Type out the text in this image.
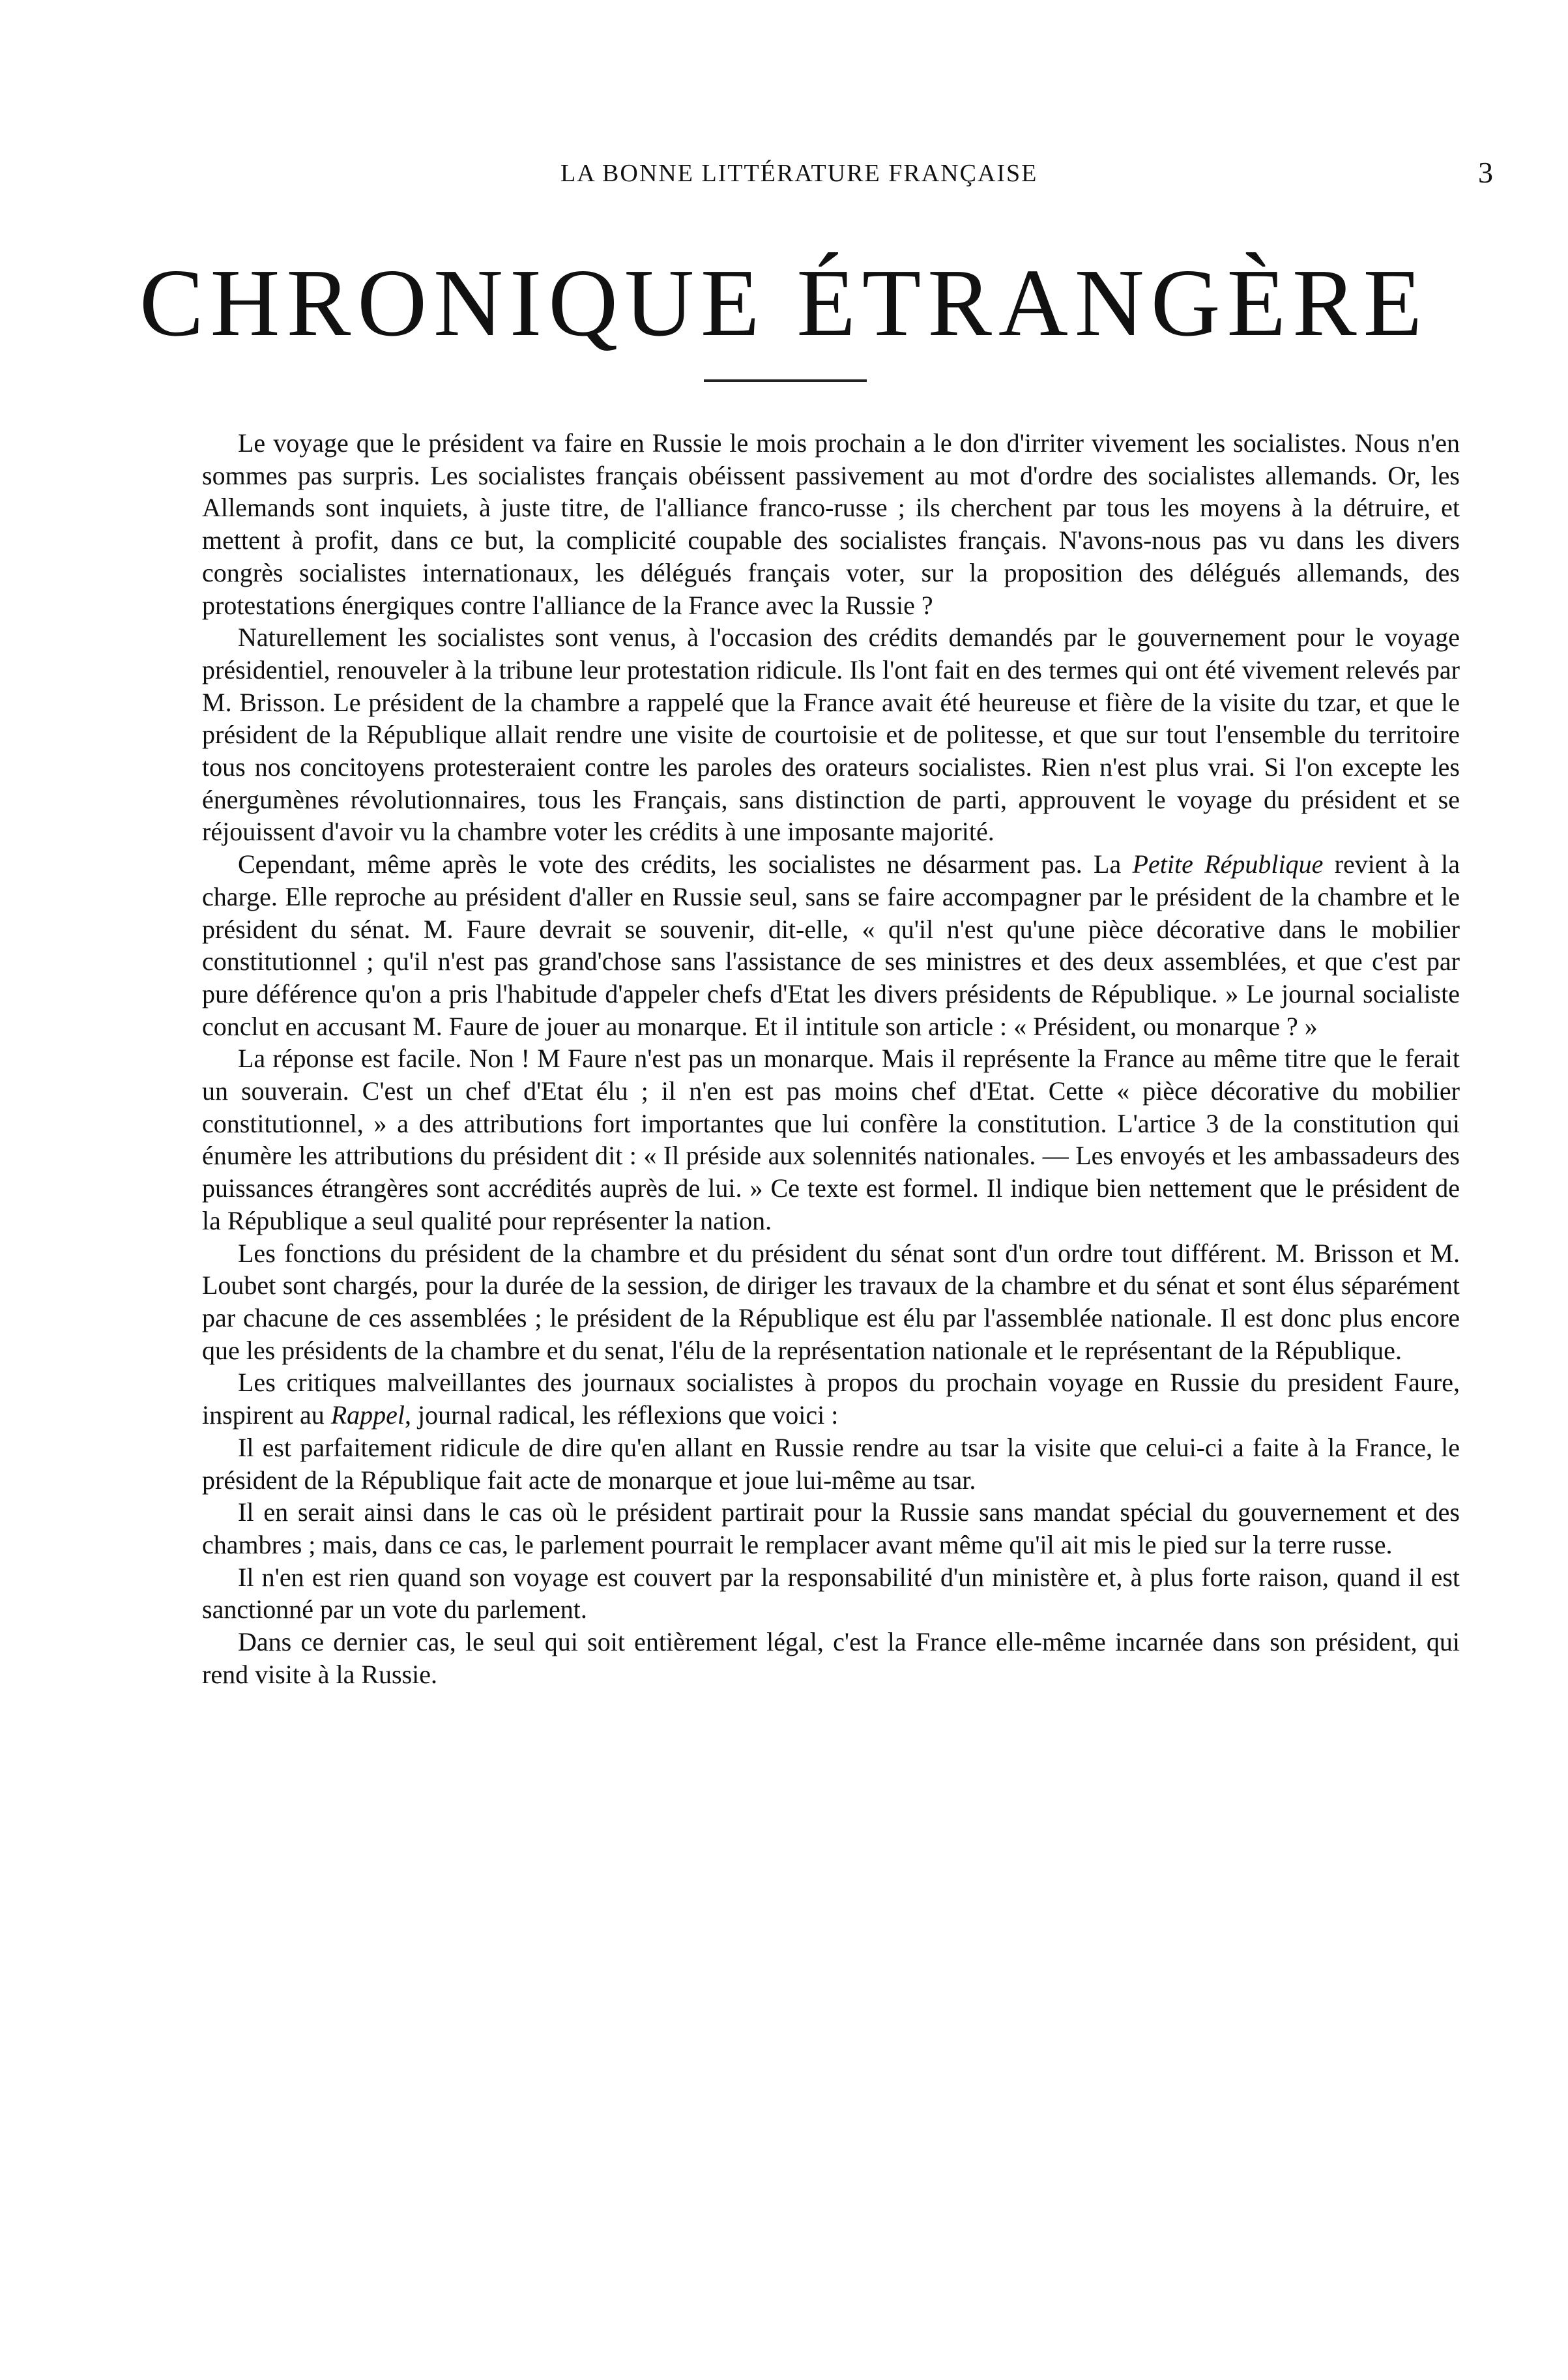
LA BONNE LITTÉRATURE FRANÇAISE	3
CHRONIQUE ÉTRANGÈRE

Le voyage que le président va faire en Russie le mois prochain a le don d'irriter vivement les socialistes. Nous n'en sommes pas surpris. Les socialistes français obéissent passivement au mot d'ordre des socialistes allemands. Or, les Allemands sont inquiets, à juste titre, de l'alliance franco-russe ; ils cherchent par tous les moyens à la détruire, et mettent à profit, dans ce but, la complicité coupable des socialistes français. N'avons-nous pas vu dans les divers congrès socialistes internationaux, les délégués français voter, sur la proposition des délégués allemands, des protestations énergiques contre l'alliance de la France avec la Russie ?

Naturellement les socialistes sont venus, à l'occasion des crédits demandés par le gouvernement pour le voyage présidentiel, renouveler à la tribune leur protestation ridicule. Ils l'ont fait en des termes qui ont été vivement relevés par M. Brisson. Le président de la chambre a rappelé que la France avait été heureuse et fière de la visite du tzar, et que le président de la République allait rendre une visite de courtoisie et de politesse, et que sur tout l'ensemble du territoire tous nos concitoyens protesteraient contre les paroles des orateurs socialistes. Rien n'est plus vrai. Si l'on excepte les énergumènes révolutionnaires, tous les Français, sans distinction de parti, approuvent le voyage du président et se réjouissent d'avoir vu la chambre voter les crédits à une imposante majorité.

Cependant, même après le vote des crédits, les socialistes ne désarment pas. La Petite République revient à la charge. Elle reproche au président d'aller en Russie seul, sans se faire accompagner par le président de la chambre et le président du sénat. M. Faure devrait se souvenir, dit-elle, « qu'il n'est qu'une pièce décorative dans le mobilier constitutionnel ; qu'il n'est pas grand'chose sans l'assistance de ses ministres et des deux assemblées, et que c'est par pure déférence qu'on a pris l'habitude d'appeler chefs d'Etat les divers présidents de République. » Le journal socialiste conclut en accusant M. Faure de jouer au monarque. Et il intitule son article : « Président, ou monarque ? »

La réponse est facile. Non ! M Faure n'est pas un monarque. Mais il représente la France au même titre que le ferait un souverain. C'est un chef d'Etat élu ; il n'en est pas moins chef d'Etat. Cette « pièce décorative du mobilier constitutionnel, » a des attributions fort importantes que lui confère la constitution. L'artice 3 de la constitution qui énumère les attributions du président dit : « Il préside aux solennités nationales. — Les envoyés et les ambassadeurs des puissances étrangères sont accrédités auprès de lui. » Ce texte est formel. Il indique bien nettement que le président de la République a seul qualité pour représenter la nation.

Les fonctions du président de la chambre et du président du sénat sont d'un ordre tout différent. M. Brisson et M. Loubet sont chargés, pour la durée de la session, de diriger les travaux de la chambre et du sénat et sont élus séparément par chacune de ces assemblées ; le président de la République est élu par l'assemblée nationale. Il est donc plus encore que les présidents de la chambre et du senat, l'élu de la représentation nationale et le représentant de la République.

Les critiques malveillantes des journaux socialistes à propos du prochain voyage en Russie du president Faure, inspirent au Rappel, journal radical, les réflexions que voici :

Il est parfaitement ridicule de dire qu'en allant en Russie rendre au tsar la visite que celui-ci a faite à la France, le président de la République fait acte de monarque et joue lui-même au tsar.

Il en serait ainsi dans le cas où le président partirait pour la Russie sans mandat spécial du gouvernement et des chambres ; mais, dans ce cas, le parlement pourrait le remplacer avant même qu'il ait mis le pied sur la terre russe.

Il n'en est rien quand son voyage est couvert par la responsabilité d'un ministère et, à plus forte raison, quand il est sanctionné par un vote du parlement.

Dans ce dernier cas, le seul qui soit entièrement légal, c'est la France elle-même incarnée dans son président, qui rend visite à la Russie.
